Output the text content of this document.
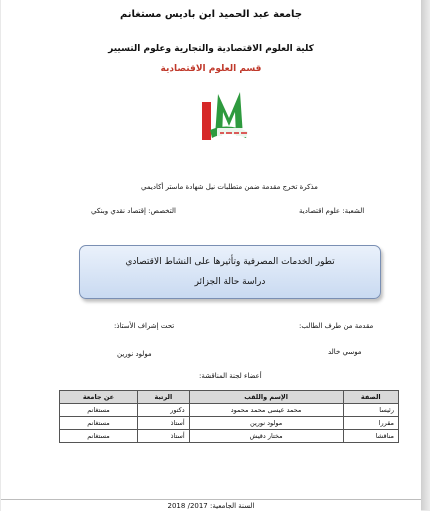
جامعة عبد الحميد ابن باديس مستغانم
كلية العلوم الاقتصادية والتجارية وعلوم التسيير
قسم العلوم الاقتصادية
مذكرة تخرج مقدمة ضمن متطلبات نيل شهادة ماستر أكاديمي
الشعبة: علوم اقتصادية
التخصص: إقتصاد نقدي وبنكي
تطور الخدمات المصرفية وتأثيرها على النشاط الاقتصادي
دراسة حالة الجزائر
مقدمة من طرف الطالب:
تحت إشراف الأستاذ:
موسي خالد
مولود نورين
أعضاء لجنة المناقشة:
الصفة	الإسم واللقب	الرتبة	عن جامعة
رئيسا	محمد عيسى محمد محمود	دكتور	مستغانم
مقررا	مولود نورين	أستاذ	مستغانم
مناقشا	مختار دقيش	أستاذ	مستغانم
السنة الجامعية: 2017/ 2018
